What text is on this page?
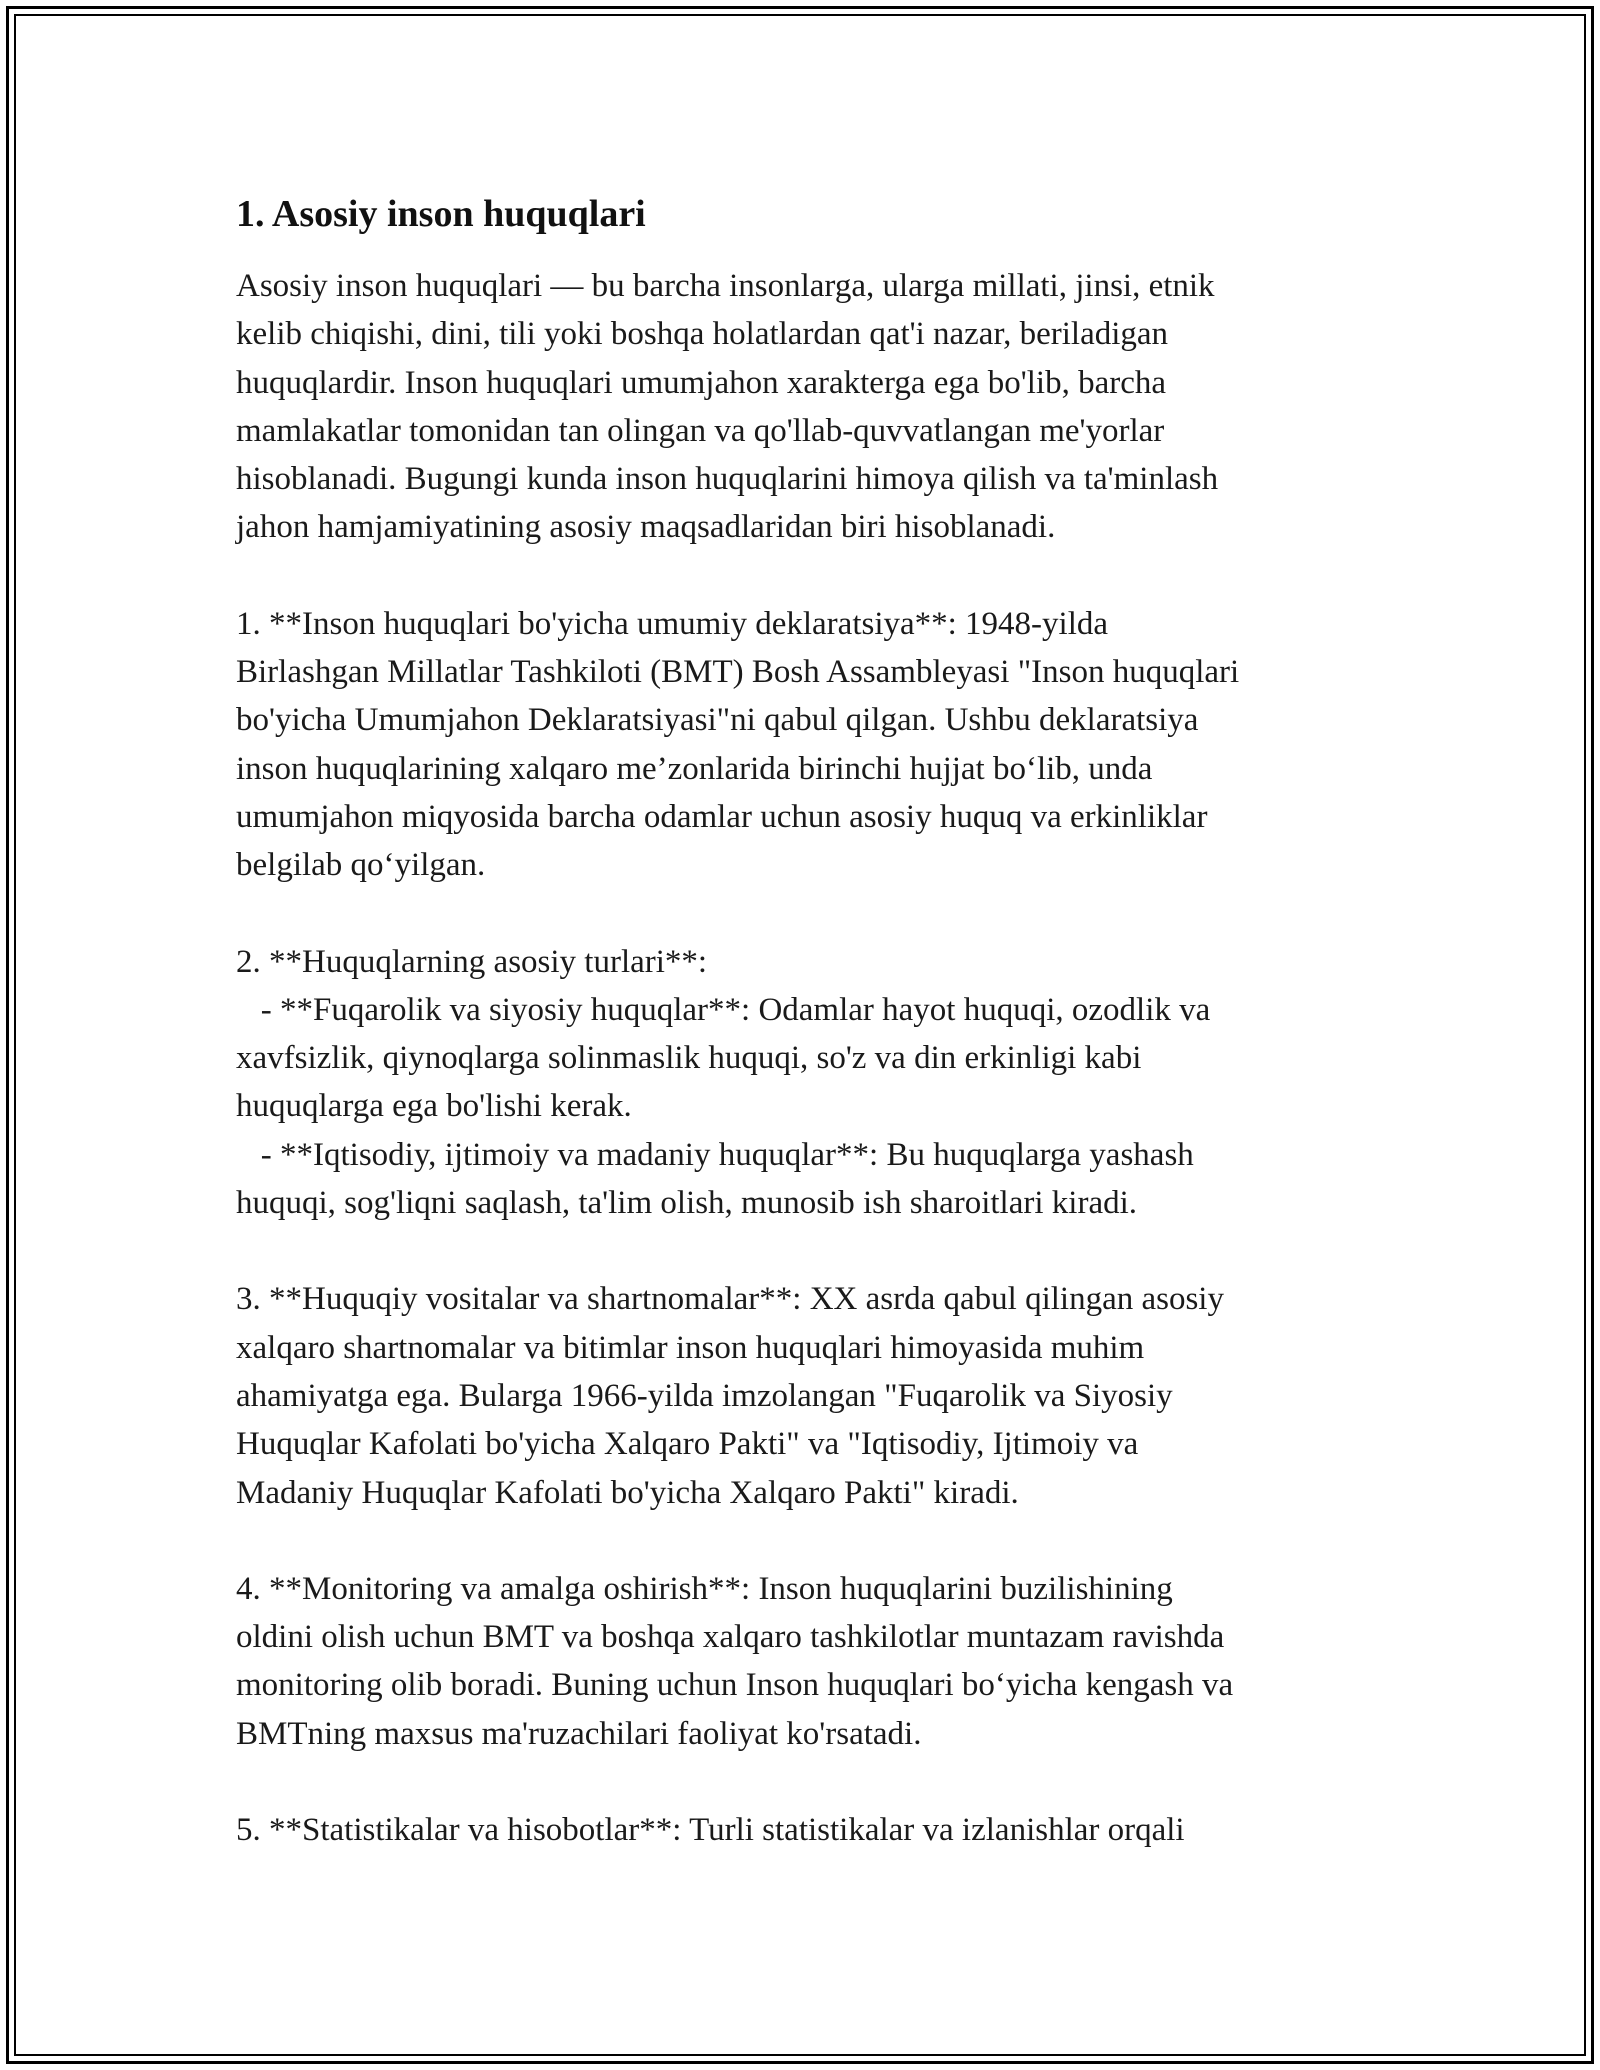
1. Asosiy inson huquqlari

Asosiy inson huquqlari — bu barcha insonlarga, ularga millati, jinsi, etnik
kelib chiqishi, dini, tili yoki boshqa holatlardan qat'i nazar, beriladigan
huquqlardir. Inson huquqlari umumjahon xarakterga ega bo'lib, barcha
mamlakatlar tomonidan tan olingan va qo'llab-quvvatlangan me'yorlar
hisoblanadi. Bugungi kunda inson huquqlarini himoya qilish va ta'minlash
jahon hamjamiyatining asosiy maqsadlaridan biri hisoblanadi.

1. **Inson huquqlari bo'yicha umumiy deklaratsiya**: 1948-yilda
Birlashgan Millatlar Tashkiloti (BMT) Bosh Assambleyasi "Inson huquqlari
bo'yicha Umumjahon Deklaratsiyasi"ni qabul qilgan. Ushbu deklaratsiya
inson huquqlarining xalqaro me’zonlarida birinchi hujjat bo‘lib, unda
umumjahon miqyosida barcha odamlar uchun asosiy huquq va erkinliklar
belgilab qo‘yilgan.

2. **Huquqlarning asosiy turlari**:
- **Fuqarolik va siyosiy huquqlar**: Odamlar hayot huquqi, ozodlik va
xavfsizlik, qiynoqlarga solinmaslik huquqi, so'z va din erkinligi kabi
huquqlarga ega bo'lishi kerak.
- **Iqtisodiy, ijtimoiy va madaniy huquqlar**: Bu huquqlarga yashash
huquqi, sog'liqni saqlash, ta'lim olish, munosib ish sharoitlari kiradi.

3. **Huquqiy vositalar va shartnomalar**: XX asrda qabul qilingan asosiy
xalqaro shartnomalar va bitimlar inson huquqlari himoyasida muhim
ahamiyatga ega. Bularga 1966-yilda imzolangan "Fuqarolik va Siyosiy
Huquqlar Kafolati bo'yicha Xalqaro Pakti" va "Iqtisodiy, Ijtimoiy va
Madaniy Huquqlar Kafolati bo'yicha Xalqaro Pakti" kiradi.

4. **Monitoring va amalga oshirish**: Inson huquqlarini buzilishining
oldini olish uchun BMT va boshqa xalqaro tashkilotlar muntazam ravishda
monitoring olib boradi. Buning uchun Inson huquqlari bo‘yicha kengash va
BMTning maxsus ma'ruzachilari faoliyat ko'rsatadi.

5. **Statistikalar va hisobotlar**: Turli statistikalar va izlanishlar orqali
